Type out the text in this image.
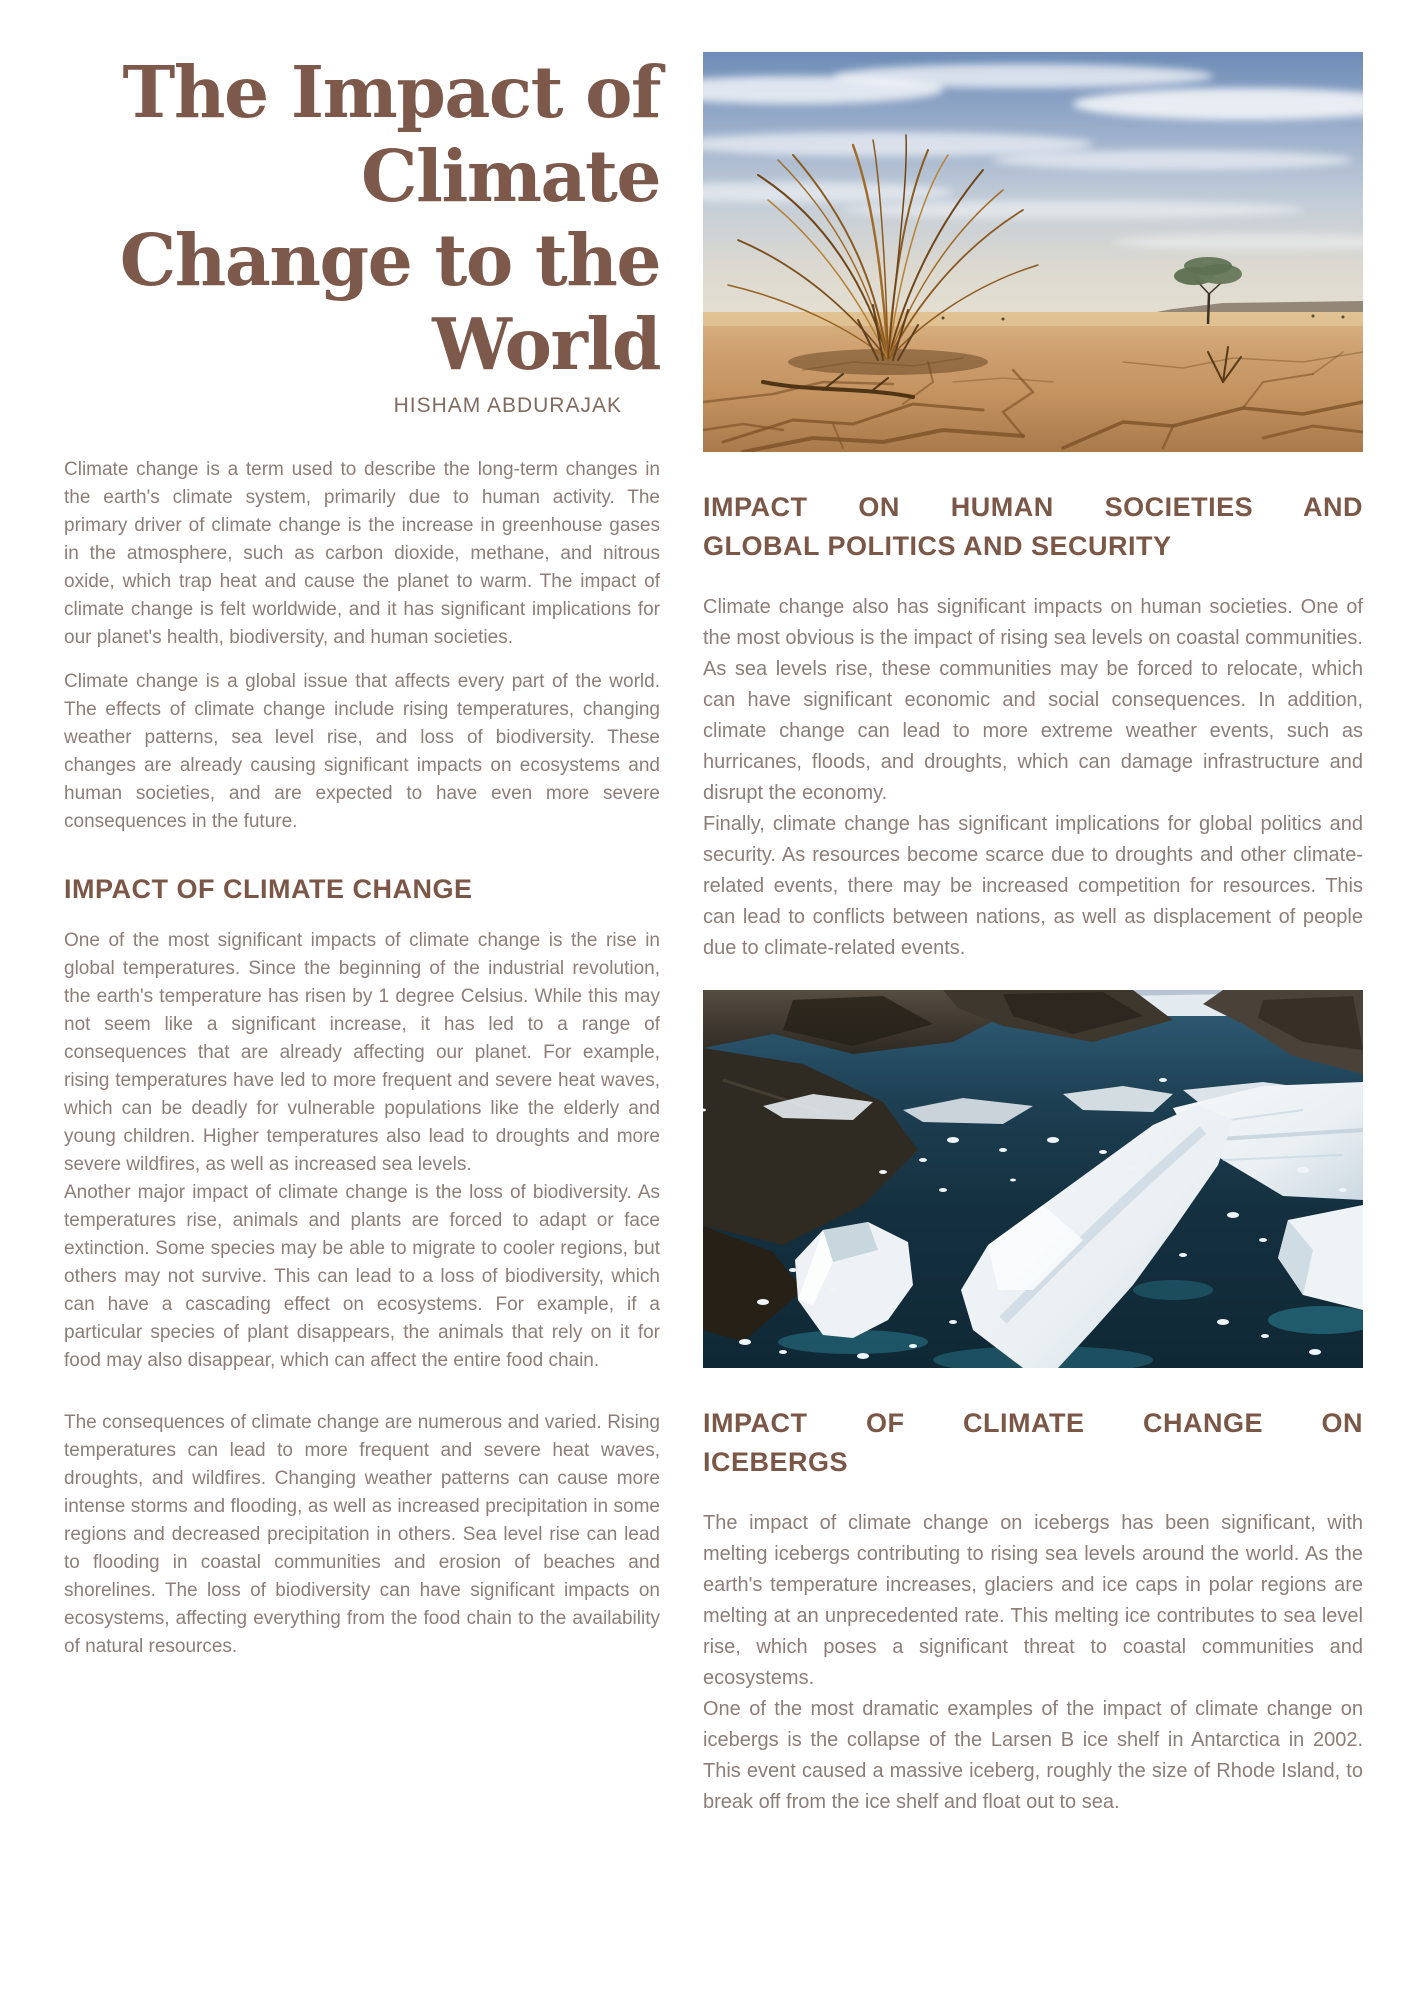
The Impact of
Climate
Change to the
World
HISHAM ABDURAJAK

Climate change is a term used to describe the long-term changes in the earth's climate system, primarily due to human activity. The primary driver of climate change is the increase in greenhouse gases in the atmosphere, such as carbon dioxide, methane, and nitrous oxide, which trap heat and cause the planet to warm. The impact of climate change is felt worldwide, and it has significant implications for our planet's health, biodiversity, and human societies.

Climate change is a global issue that affects every part of the world. The effects of climate change include rising temperatures, changing weather patterns, sea level rise, and loss of biodiversity. These changes are already causing significant impacts on ecosystems and human societies, and are expected to have even more severe consequences in the future.

IMPACT OF CLIMATE CHANGE

One of the most significant impacts of climate change is the rise in global temperatures. Since the beginning of the industrial revolution, the earth's temperature has risen by 1 degree Celsius. While this may not seem like a significant increase, it has led to a range of consequences that are already affecting our planet. For example, rising temperatures have led to more frequent and severe heat waves, which can be deadly for vulnerable populations like the elderly and young children. Higher temperatures also lead to droughts and more severe wildfires, as well as increased sea levels.

Another major impact of climate change is the loss of biodiversity. As temperatures rise, animals and plants are forced to adapt or face extinction. Some species may be able to migrate to cooler regions, but others may not survive. This can lead to a loss of biodiversity, which can have a cascading effect on ecosystems. For example, if a particular species of plant disappears, the animals that rely on it for food may also disappear, which can affect the entire food chain.

The consequences of climate change are numerous and varied. Rising temperatures can lead to more frequent and severe heat waves, droughts, and wildfires. Changing weather patterns can cause more intense storms and flooding, as well as increased precipitation in some regions and decreased precipitation in others. Sea level rise can lead to flooding in coastal communities and erosion of beaches and shorelines. The loss of biodiversity can have significant impacts on ecosystems, affecting everything from the food chain to the availability of natural resources.

IMPACT ON HUMAN SOCIETIES AND
GLOBAL POLITICS AND SECURITY

Climate change also has significant impacts on human societies. One of the most obvious is the impact of rising sea levels on coastal communities. As sea levels rise, these communities may be forced to relocate, which can have significant economic and social consequences. In addition, climate change can lead to more extreme weather events, such as hurricanes, floods, and droughts, which can damage infrastructure and disrupt the economy.

Finally, climate change has significant implications for global politics and security. As resources become scarce due to droughts and other climate-related events, there may be increased competition for resources. This can lead to conflicts between nations, as well as displacement of people due to climate-related events.

IMPACT OF CLIMATE CHANGE ON
ICEBERGS

The impact of climate change on icebergs has been significant, with melting icebergs contributing to rising sea levels around the world. As the earth's temperature increases, glaciers and ice caps in polar regions are melting at an unprecedented rate. This melting ice contributes to sea level rise, which poses a significant threat to coastal communities and ecosystems.

One of the most dramatic examples of the impact of climate change on icebergs is the collapse of the Larsen B ice shelf in Antarctica in 2002. This event caused a massive iceberg, roughly the size of Rhode Island, to break off from the ice shelf and float out to sea.
